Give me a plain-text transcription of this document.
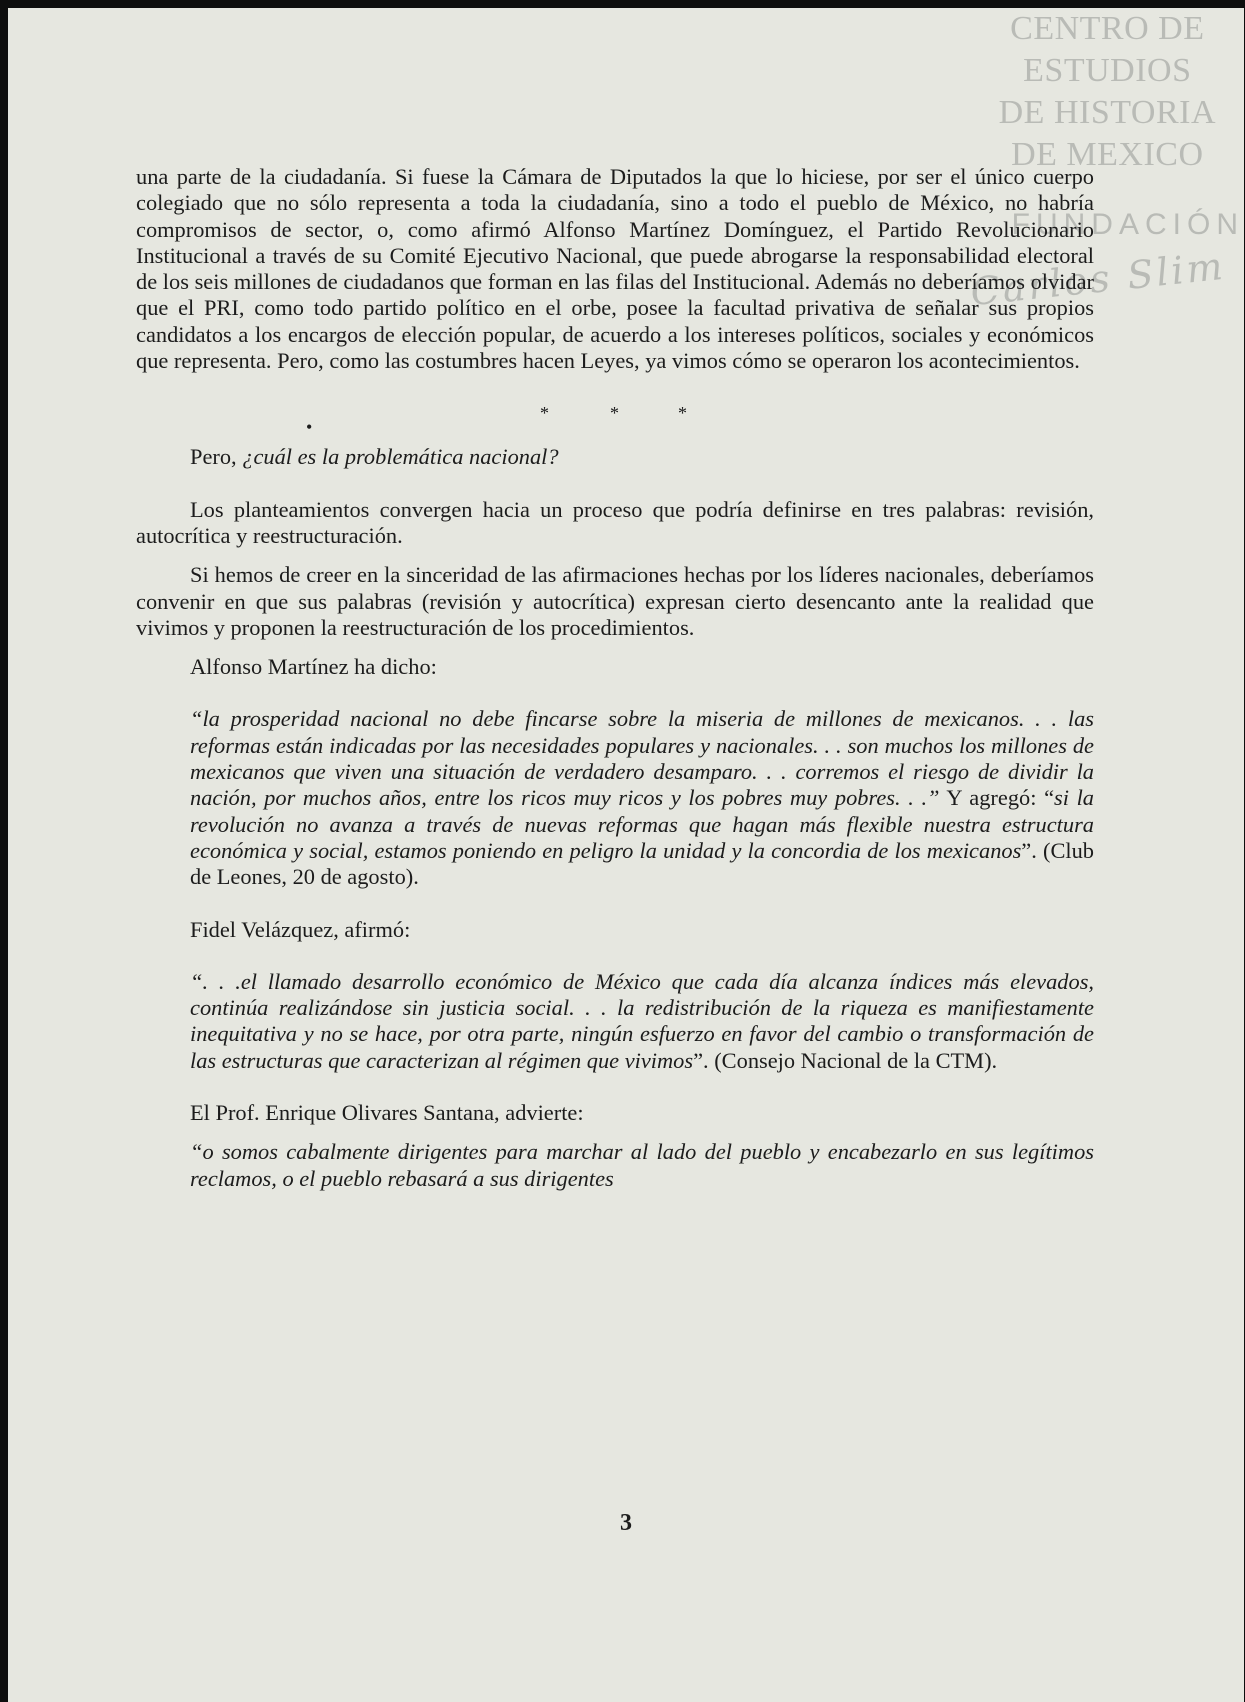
CENTRO DE
ESTUDIOS
DE HISTORIA
DE MEXICO
FUNDACIÓN
Carlos Slim

una parte de la ciudadanía. Si fuese la Cámara de Diputados la que lo hiciese, por ser el único cuerpo colegiado que no sólo representa a toda la ciudadanía, sino a todo el pueblo de México, no habría compromisos de sector, o, como afirmó Alfonso Martínez Domínguez, el Partido Revolucionario Institucional a través de su Comité Ejecutivo Nacional, que puede abrogarse la responsabilidad electoral de los seis millones de ciudadanos que forman en las filas del Institucional. Además no deberíamos olvidar que el PRI, como todo partido político en el orbe, posee la facultad privativa de señalar sus propios candidatos a los encargos de elección popular, de acuerdo a los intereses políticos, sociales y económicos que representa. Pero, como las costumbres hacen Leyes, ya vimos cómo se operaron los acontecimientos.

•
*	*	*

Pero, ¿cuál es la problemática nacional?

Los planteamientos convergen hacia un proceso que podría definirse en tres palabras: revisión, autocrítica y reestructuración.

Si hemos de creer en la sinceridad de las afirmaciones hechas por los líderes nacionales, deberíamos convenir en que sus palabras (revisión y autocrítica) expresan cierto desencanto ante la realidad que vivimos y proponen la reestructuración de los procedimientos.

Alfonso Martínez ha dicho:

“la prosperidad nacional no debe fincarse sobre la miseria de millones de mexicanos. . . las reformas están indicadas por las necesidades populares y nacionales. . . son muchos los millones de mexicanos que viven una situación de verdadero desamparo. . . corremos el riesgo de dividir la nación, por muchos años, entre los ricos muy ricos y los pobres muy pobres. . .” Y agregó: “si la revolución no avanza a través de nuevas reformas que hagan más flexible nuestra estructura económica y social, estamos poniendo en peligro la unidad y la concordia de los mexicanos”. (Club de Leones, 20 de agosto).

Fidel Velázquez, afirmó:

“. . .el llamado desarrollo económico de México que cada día alcanza índices más elevados, continúa realizándose sin justicia social. . . la redistribución de la riqueza es manifiestamente inequitativa y no se hace, por otra parte, ningún esfuerzo en favor del cambio o transformación de las estructuras que caracterizan al régimen que vivimos”. (Consejo Nacional de la CTM).

El Prof. Enrique Olivares Santana, advierte:

“o somos cabalmente dirigentes para marchar al lado del pueblo y encabezarlo en sus legítimos reclamos, o el pueblo rebasará a sus dirigentes

3
